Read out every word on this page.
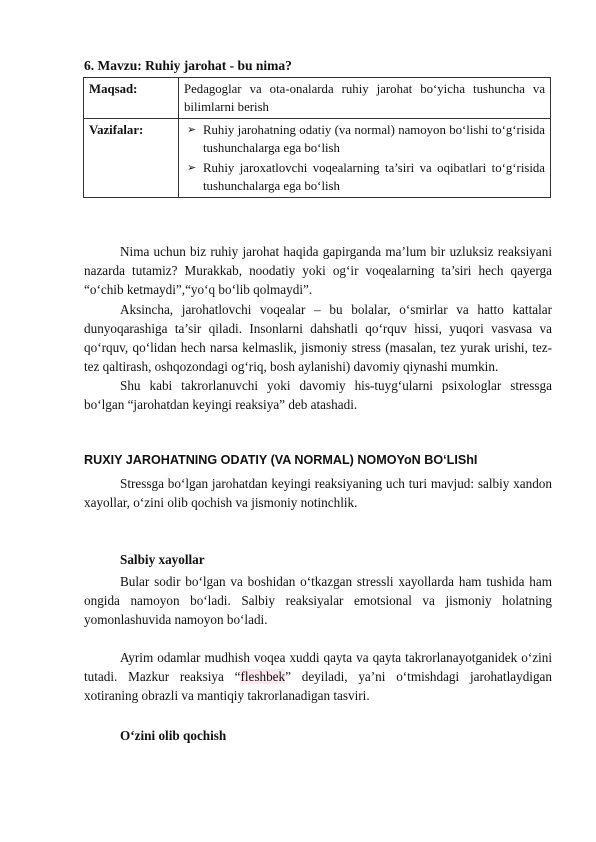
6. Mavzu: Ruhiy jarohat - bu nima?
Maqsad:	Pedagoglar va ota-onalarda ruhiy jarohat bo‘yicha tushuncha va bilimlarni berish
Vazifalar:	➢ Ruhiy jarohatning odatiy (va normal) namoyon bo‘lishi to‘g‘risida tushunchalarga ega bo‘lish
➢ Ruhiy jaroxatlovchi voqealarning ta’siri va oqibatlari to‘g‘risida tushunchalarga ega bo‘lish

Nima uchun biz ruhiy jarohat haqida gapirganda ma’lum bir uzluksiz reaksiyani nazarda tutamiz? Murakkab, noodatiy yoki og‘ir voqealarning ta’siri hech qayerga “o‘chib ketmaydi”,“yo‘q bo‘lib qolmaydi”.

Aksincha, jarohatlovchi voqealar – bu bolalar, o‘smirlar va hatto kattalar dunyoqarashiga ta’sir qiladi. Insonlarni dahshatli qo‘rquv hissi, yuqori vasvasa va qo‘rquv, qo‘lidan hech narsa kelmaslik, jismoniy stress (masalan, tez yurak urishi, tez-tez qaltirash, oshqozondagi og‘riq, bosh aylanishi) davomiy qiynashi mumkin.

Shu kabi takrorlanuvchi yoki davomiy his-tuyg‘ularni psixologlar stressga bo‘lgan “jarohatdan keyingi reaksiya” deb atashadi.

RUXIY JAROHATNING ODATIY (VA NORMAL) NOMOYoN BO‘LIShI

Stressga bo‘lgan jarohatdan keyingi reaksiyaning uch turi mavjud: salbiy xandon xayollar, o‘zini olib qochish va jismoniy notinchlik.

Salbiy xayollar

Bular sodir bo‘lgan va boshidan o‘tkazgan stressli xayollarda ham tushida ham ongida namoyon bo‘ladi. Salbiy reaksiyalar emotsional va jismoniy holatning yomonlashuvida namoyon bo‘ladi.

Ayrim odamlar mudhish voqea xuddi qayta va qayta takrorlanayotganidek o‘zini tutadi. Mazkur reaksiya “fleshbek” deyiladi, ya’ni o‘tmishdagi jarohatlaydigan xotiraning obrazli va mantiqiy takrorlanadigan tasviri.

O‘zini olib qochish
